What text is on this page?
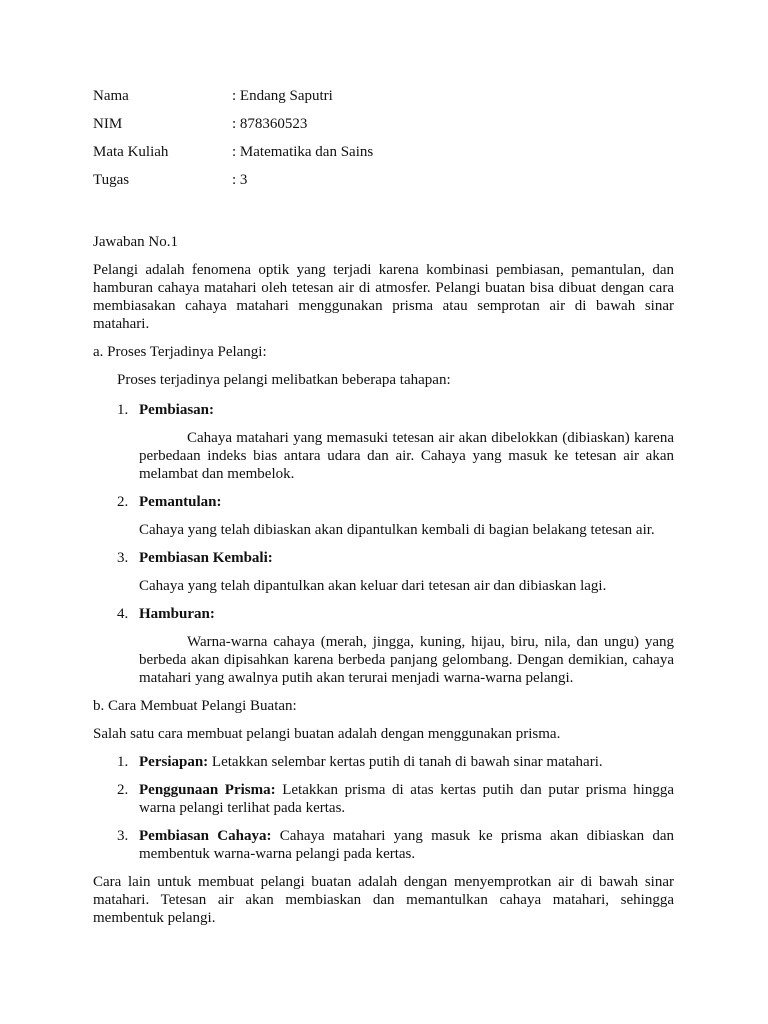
Nama	: Endang Saputri
NIM	: 878360523
Mata Kuliah	: Matematika dan Sains
Tugas	: 3

Jawaban No.1

Pelangi adalah fenomena optik yang terjadi karena kombinasi pembiasan, pemantulan, dan hamburan cahaya matahari oleh tetesan air di atmosfer. Pelangi buatan bisa dibuat dengan cara membiasakan cahaya matahari menggunakan prisma atau semprotan air di bawah sinar matahari.

a. Proses Terjadinya Pelangi:

Proses terjadinya pelangi melibatkan beberapa tahapan:

1. Pembiasan:

Cahaya matahari yang memasuki tetesan air akan dibelokkan (dibiaskan) karena perbedaan indeks bias antara udara dan air. Cahaya yang masuk ke tetesan air akan melambat dan membelok.

2. Pemantulan:

Cahaya yang telah dibiaskan akan dipantulkan kembali di bagian belakang tetesan air.

3. Pembiasan Kembali:

Cahaya yang telah dipantulkan akan keluar dari tetesan air dan dibiaskan lagi.

4. Hamburan:

Warna-warna cahaya (merah, jingga, kuning, hijau, biru, nila, dan ungu) yang berbeda akan dipisahkan karena berbeda panjang gelombang. Dengan demikian, cahaya matahari yang awalnya putih akan terurai menjadi warna-warna pelangi.

b. Cara Membuat Pelangi Buatan:

Salah satu cara membuat pelangi buatan adalah dengan menggunakan prisma.

1. Persiapan: Letakkan selembar kertas putih di tanah di bawah sinar matahari.
2. Penggunaan Prisma: Letakkan prisma di atas kertas putih dan putar prisma hingga warna pelangi terlihat pada kertas.
3. Pembiasan Cahaya: Cahaya matahari yang masuk ke prisma akan dibiaskan dan membentuk warna-warna pelangi pada kertas.

Cara lain untuk membuat pelangi buatan adalah dengan menyemprotkan air di bawah sinar matahari. Tetesan air akan membiaskan dan memantulkan cahaya matahari, sehingga membentuk pelangi.
